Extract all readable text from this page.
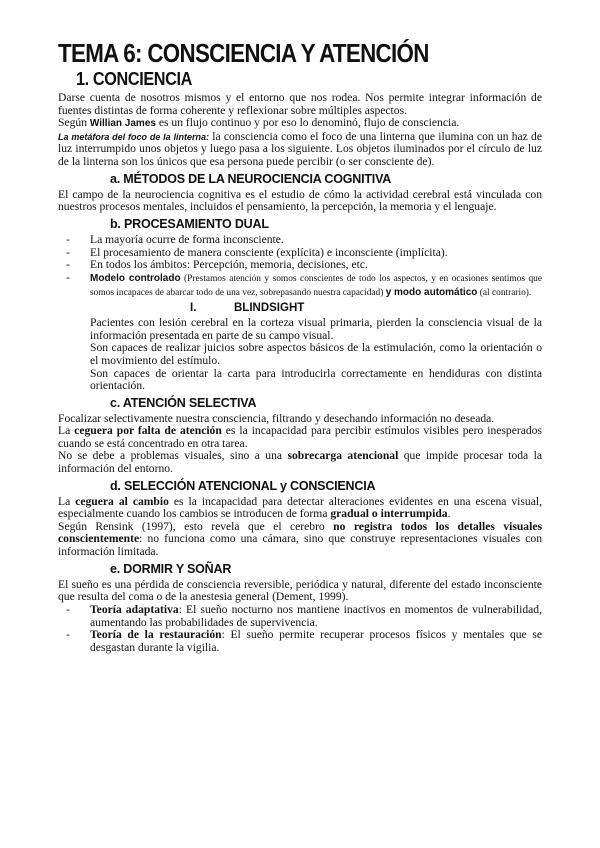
TEMA 6: CONSCIENCIA Y ATENCIÓN
1. CONCIENCIA

Darse cuenta de nosotros mismos y el entorno que nos rodea. Nos permite integrar información de fuentes distintas de forma coherente y reflexionar sobre múltiples aspectos.

Según Willian James es un flujo continuo y por eso lo denominó, flujo de consciencia.

La metáfora del foco de la linterna: la consciencia como el foco de una linterna que ilumina con un haz de luz interrumpido unos objetos y luego pasa a los siguiente. Los objetos iluminados por el círculo de luz de la linterna son los únicos que esa persona puede percibir (o ser consciente de).

a. MÉTODOS DE LA NEUROCIENCIA COGNITIVA

El campo de la neurociencia cognitiva es el estudio de cómo la actividad cerebral está vinculada con nuestros procesos mentales, incluidos el pensamiento, la percepción, la memoria y el lenguaje.

b. PROCESAMIENTO DUAL
- La mayoría ocurre de forma inconsciente.
- El procesamiento de manera consciente (explícita) e inconsciente (implícita).
- En todos los ámbitos: Percepción, memoria, decisiones, etc.
- Modelo controlado (Prestamos atención y somos conscientes de todo los aspectos, y en ocasiones sentimos que somos incapaces de abarcar todo de una vez, sobrepasando nuestra capacidad) y modo automático (al contrario).
I.	BLINDSIGHT

Pacientes con lesión cerebral en la corteza visual primaria, pierden la consciencia visual de la información presentada en parte de su campo visual.

Son capaces de realizar juicios sobre aspectos básicos de la estimulación, como la orientación o el movimiento del estímulo.

Son capaces de orientar la carta para introducirla correctamente en hendiduras con distinta orientación.

c. ATENCIÓN SELECTIVA

Focalizar selectivamente nuestra consciencia, filtrando y desechando información no deseada.

La ceguera por falta de atención es la incapacidad para percibir estímulos visibles pero inesperados cuando se está concentrado en otra tarea.

No se debe a problemas visuales, sino a una sobrecarga atencional que impide procesar toda la información del entorno.

d. SELECCIÓN ATENCIONAL y CONSCIENCIA

La ceguera al cambio es la incapacidad para detectar alteraciones evidentes en una escena visual, especialmente cuando los cambios se introducen de forma gradual o interrumpida.

Según Rensink (1997), esto revela que el cerebro no registra todos los detalles visuales conscientemente: no funciona como una cámara, sino que construye representaciones visuales con información limitada.

e. DORMIR Y SOÑAR

El sueño es una pérdida de consciencia reversible, periódica y natural, diferente del estado inconsciente que resulta del coma o de la anestesia general (Dement, 1999).

- Teoría adaptativa: El sueño nocturno nos mantiene inactivos en momentos de vulnerabilidad, aumentando las probabilidades de supervivencia.
- Teoría de la restauración: El sueño permite recuperar procesos físicos y mentales que se desgastan durante la vigilia.
